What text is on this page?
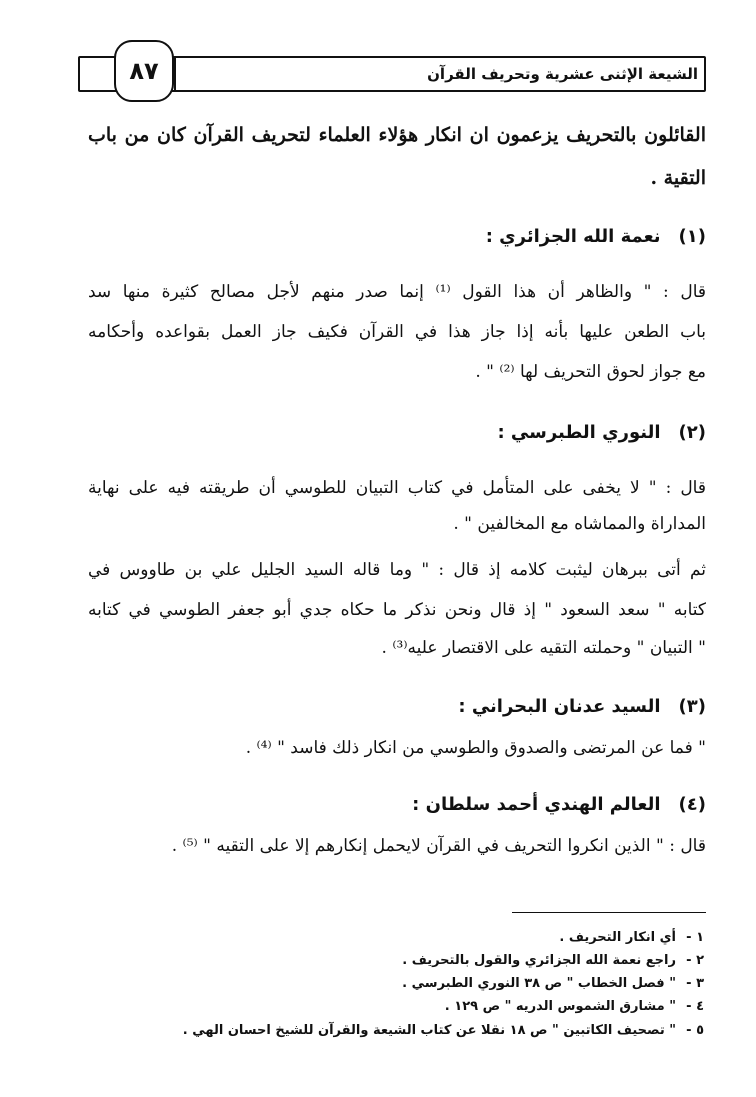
٨٧	الشيعة الإثنى عشرية وتحريف القرآن
القائلون بالتحريف يزعمون ان انكار هؤلاء العلماء لتحريف القرآن كان من باب
التقية .
(١)نعمة الله الجزائري :
قال : " والظاهر أن هذا القول ⁽¹⁾ إنما صدر منهم لأجل مصالح كثيرة منها سد
باب الطعن عليها بأنه إذا جاز هذا في القرآن فكيف جاز العمل بقواعده وأحكامه
مع جواز لحوق التحريف لها ⁽²⁾ " .
(٢)النوري الطبرسي :
قال : " لا يخفى على المتأمل في كتاب التبيان للطوسي أن طريقته فيه على نهاية
المداراة والمماشاه مع المخالفين " .
ثم أتى ببرهان ليثبت كلامه إذ قال : " وما قاله السيد الجليل علي بن طاووس في
كتابه " سعد السعود " إذ قال ونحن نذكر ما حكاه جدي أبو جعفر الطوسي في كتابه
" التبيان " وحملته التقيه على الاقتصار عليه⁽³⁾ .
(٣)السيد عدنان البحراني :
" فما عن المرتضى والصدوق والطوسي من انكار ذلك فاسد " ⁽⁴⁾ .
(٤)العالم الهندي أحمد سلطان :
قال : " الذين انكروا التحريف في القرآن لايحمل إنكارهم إلا على التقيه " ⁽⁵⁾ .
١ -أي انكار التحريف .
٢ -راجع نعمة الله الجزائري والقول بالتحريف .
٣ -" فصل الخطاب " ص ٣٨ النوري الطبرسي .
٤ -" مشارق الشموس الدريه " ص ١٢٩ .
٥ -" تصحيف الكاتبين " ص ١٨ نقلا عن كتاب الشيعة والقرآن للشيخ احسان الهي .
